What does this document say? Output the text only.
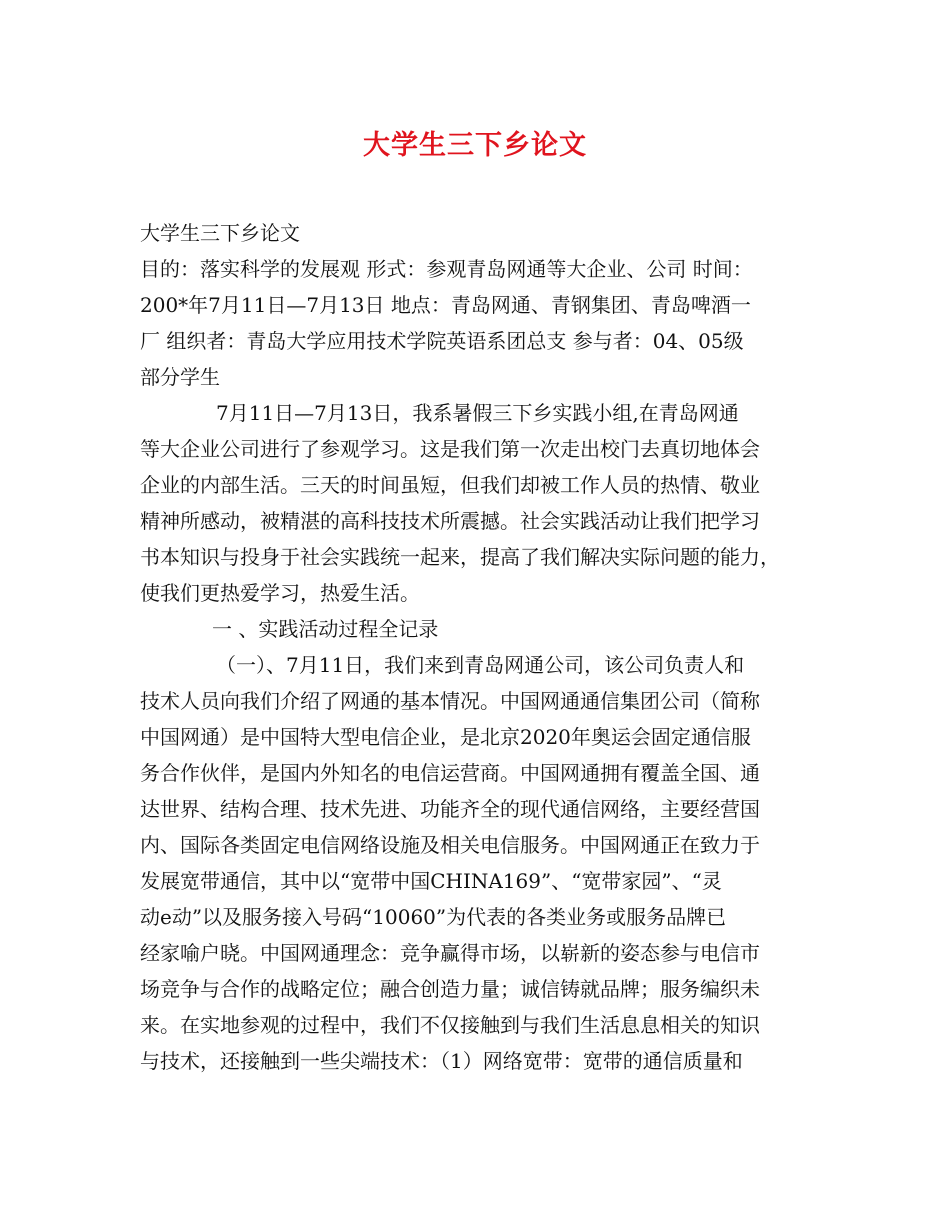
大学生三下乡论文
大学生三下乡论文
目的：落实科学的发展观 形式：参观青岛网通等大企业、公司 时间：
200*年7月11日—7月13日 地点：青岛网通、青钢集团、青岛啤酒一
厂 组织者：青岛大学应用技术学院英语系团总支 参与者：04、05级
部分学生
7月11日—7月13日，我系暑假三下乡实践小组,在青岛网通
等大企业公司进行了参观学习。这是我们第一次走出校门去真切地体会
企业的内部生活。三天的时间虽短，但我们却被工作人员的热情、敬业
精神所感动，被精湛的高科技技术所震撼。社会实践活动让我们把学习
书本知识与投身于社会实践统一起来，提高了我们解决实际问题的能力，
使我们更热爱学习，热爱生活。
一 、实践活动过程全记录
（一）、7月11日，我们来到青岛网通公司，该公司负责人和
技术人员向我们介绍了网通的基本情况。中国网通通信集团公司（简称
中国网通）是中国特大型电信企业，是北京2020年奥运会固定通信服
务合作伙伴，是国内外知名的电信运营商。中国网通拥有覆盖全国、通
达世界、结构合理、技术先进、功能齐全的现代通信网络，主要经营国
内、国际各类固定电信网络设施及相关电信服务。中国网通正在致力于
发展宽带通信，其中以“宽带中国CHINA169”、“宽带家园”、“灵
动e动”以及服务接入号码“10060”为代表的各类业务或服务品牌已
经家喻户晓。中国网通理念：竞争赢得市场，以崭新的姿态参与电信市
场竞争与合作的战略定位；融合创造力量；诚信铸就品牌；服务编织未
来。在实地参观的过程中，我们不仅接触到与我们生活息息相关的知识
与技术，还接触到一些尖端技术：（1）网络宽带：宽带的通信质量和
